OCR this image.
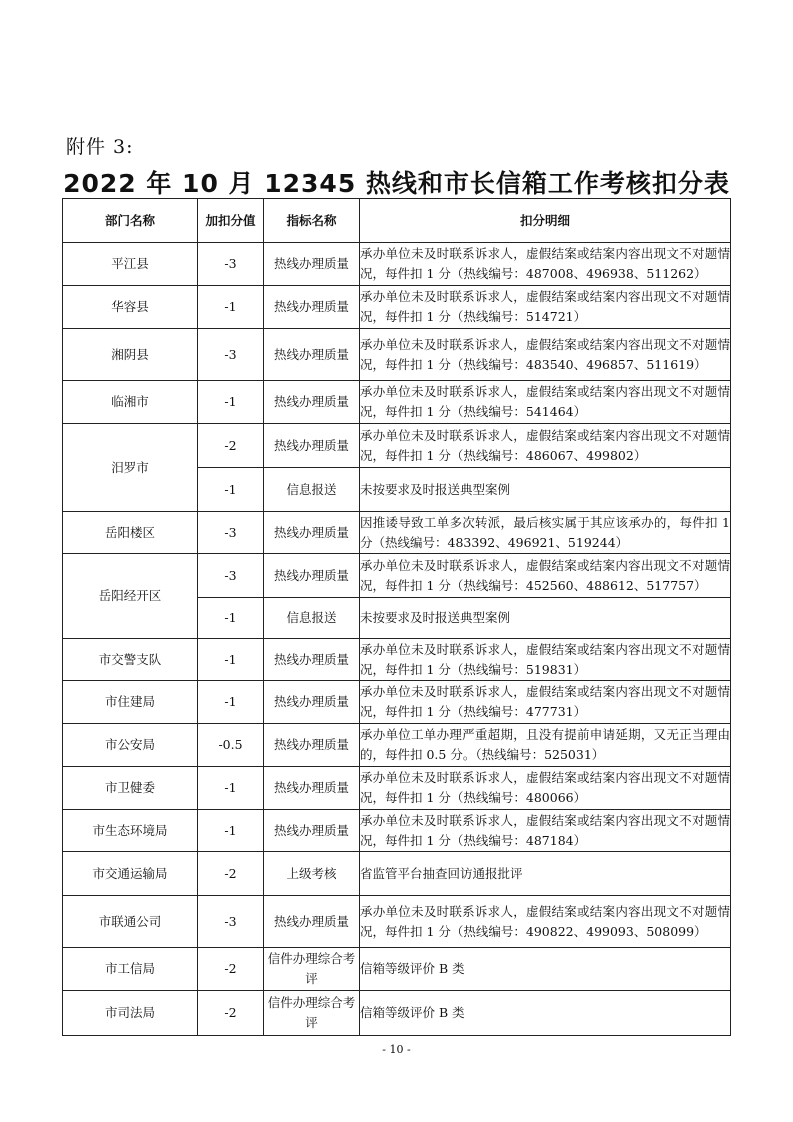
附件 3:
2022 年 10 月 12345 热线和市长信箱工作考核扣分表
部门名称	加扣分值	指标名称	扣分明细
平江县	-3	热线办理质量	承办单位未及时联系诉求人，虚假结案或结案内容出现文不对题情况，每件扣 1 分（热线编号：487008、496938、511262）
华容县	-1	热线办理质量	承办单位未及时联系诉求人，虚假结案或结案内容出现文不对题情况，每件扣 1 分（热线编号：514721）
湘阴县	-3	热线办理质量	承办单位未及时联系诉求人，虚假结案或结案内容出现文不对题情况，每件扣 1 分（热线编号：483540、496857、511619）
临湘市	-1	热线办理质量	承办单位未及时联系诉求人，虚假结案或结案内容出现文不对题情况，每件扣 1 分（热线编号：541464）
汨罗市	-2	热线办理质量	承办单位未及时联系诉求人，虚假结案或结案内容出现文不对题情况，每件扣 1 分（热线编号：486067、499802）
	-1	信息报送	未按要求及时报送典型案例
岳阳楼区	-3	热线办理质量	因推诿导致工单多次转派，最后核实属于其应该承办的，每件扣 1 分（热线编号：483392、496921、519244）
岳阳经开区	-3	热线办理质量	承办单位未及时联系诉求人，虚假结案或结案内容出现文不对题情况，每件扣 1 分（热线编号：452560、488612、517757）
	-1	信息报送	未按要求及时报送典型案例
市交警支队	-1	热线办理质量	承办单位未及时联系诉求人，虚假结案或结案内容出现文不对题情况，每件扣 1 分（热线编号：519831）
市住建局	-1	热线办理质量	承办单位未及时联系诉求人，虚假结案或结案内容出现文不对题情况，每件扣 1 分（热线编号：477731）
市公安局	-0.5	热线办理质量	承办单位工单办理严重超期，且没有提前申请延期，又无正当理由的，每件扣 0.5 分。（热线编号：525031）
市卫健委	-1	热线办理质量	承办单位未及时联系诉求人，虚假结案或结案内容出现文不对题情况，每件扣 1 分（热线编号：480066）
市生态环境局	-1	热线办理质量	承办单位未及时联系诉求人，虚假结案或结案内容出现文不对题情况，每件扣 1 分（热线编号：487184）
市交通运输局	-2	上级考核	省监管平台抽查回访通报批评
市联通公司	-3	热线办理质量	承办单位未及时联系诉求人，虚假结案或结案内容出现文不对题情况，每件扣 1 分（热线编号：490822、499093、508099）
市工信局	-2	信件办理综合考评	信箱等级评价 B 类
市司法局	-2	信件办理综合考评	信箱等级评价 B 类
- 10 -
